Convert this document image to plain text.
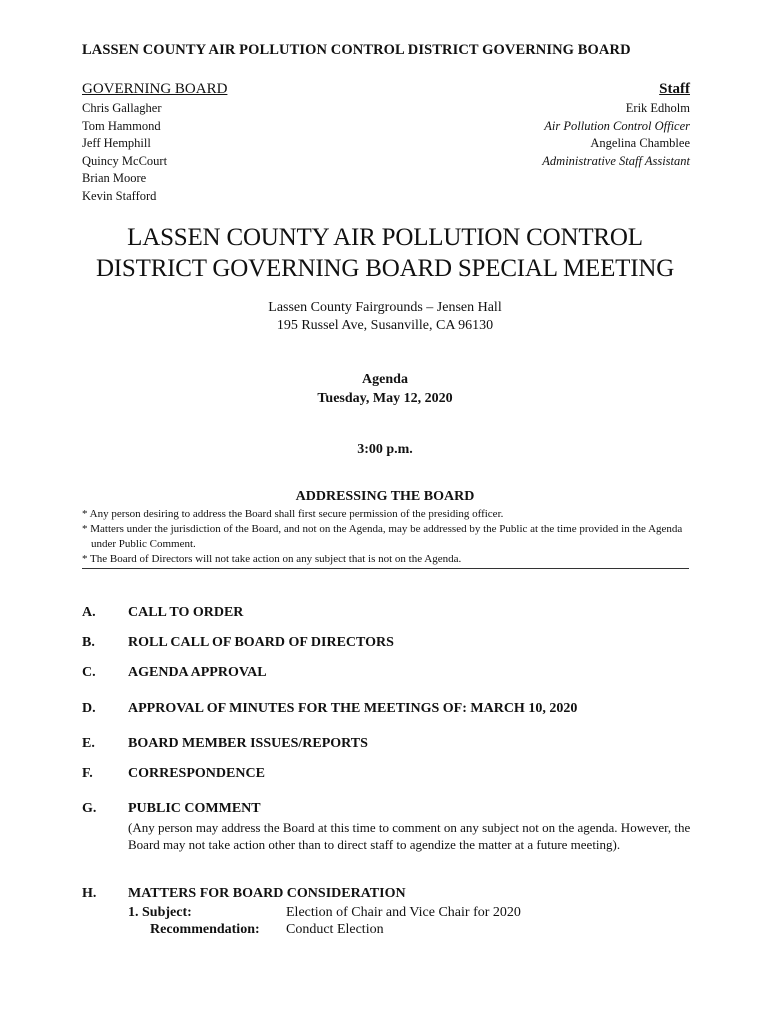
LASSEN COUNTY AIR POLLUTION CONTROL DISTRICT GOVERNING BOARD
GOVERNING BOARD
Chris Gallagher
Tom Hammond
Jeff Hemphill
Quincy McCourt
Brian Moore
Kevin Stafford
Staff
Erik Edholm
Air Pollution Control Officer
Angelina Chamblee
Administrative Staff Assistant
LASSEN COUNTY AIR POLLUTION CONTROL
DISTRICT GOVERNING BOARD SPECIAL MEETING
Lassen County Fairgrounds – Jensen Hall
195 Russel Ave, Susanville, CA 96130
Agenda
Tuesday, May 12, 2020
3:00 p.m.
ADDRESSING THE BOARD
* Any person desiring to address the Board shall first secure permission of the presiding officer.
* Matters under the jurisdiction of the Board, and not on the Agenda, may be addressed by the Public at the time provided in the Agenda under Public Comment.
* The Board of Directors will not take action on any subject that is not on the Agenda.
A. CALL TO ORDER
B. ROLL CALL OF BOARD OF DIRECTORS
C. AGENDA APPROVAL
D. APPROVAL OF MINUTES FOR THE MEETINGS OF: MARCH 10, 2020
E. BOARD MEMBER ISSUES/REPORTS
F.	CORRESPONDENCE
G. PUBLIC COMMENT
(Any person may address the Board at this time to comment on any subject not on the agenda. However, the Board may not take action other than to direct staff to agendize the matter at a future meeting).
H. MATTERS FOR BOARD CONSIDERATION
1. Subject:	Election of Chair and Vice Chair for 2020
Recommendation: Conduct Election
